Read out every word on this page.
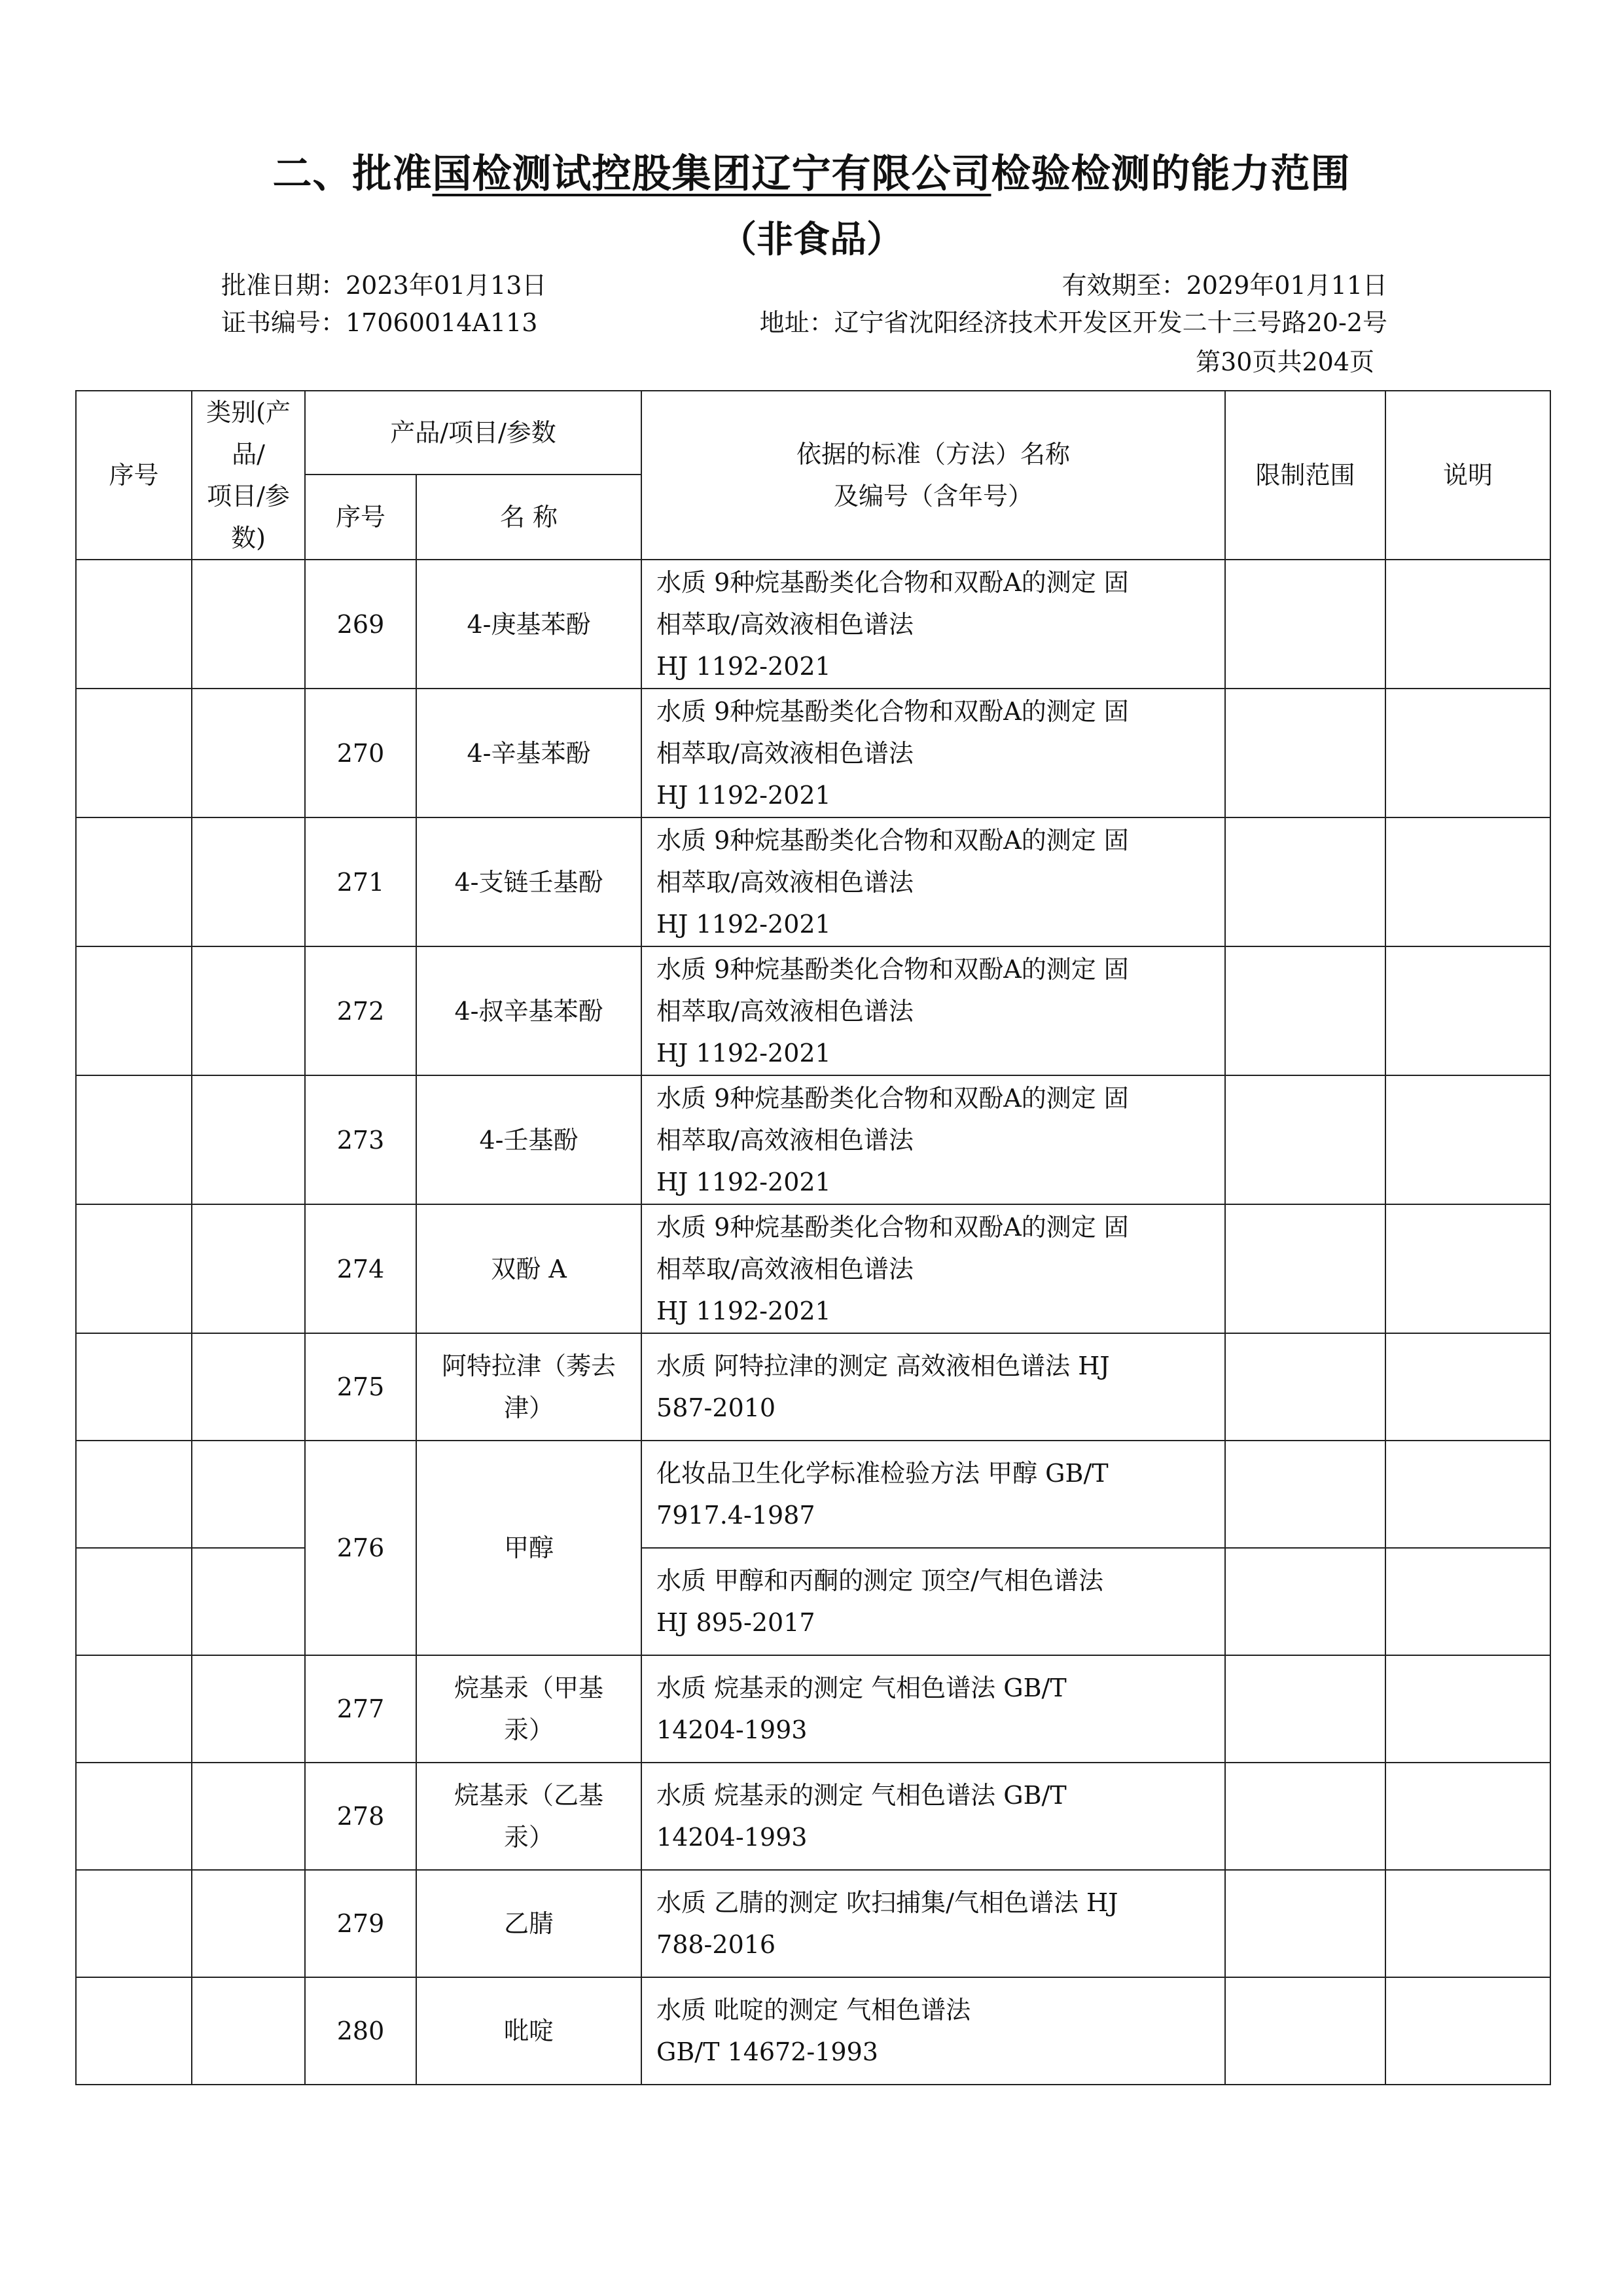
二、批准国检测试控股集团辽宁有限公司检验检测的能力范围
（非食品）
批准日期：2023年01月13日	有效期至：2029年01月11日
证书编号：17060014A113	地址：辽宁省沈阳经济技术开发区开发二十三号路20-2号
第30页共204页
序号	类别(产品/
项目/参数)	产品/项目/参数		依据的标准（方法）名称
及编号（含年号）	限制范围	说明
		序号	名 称			
		269	4-庚基苯酚	水质 9种烷基酚类化合物和双酚A的测定 固
相萃取/高效液相色谱法
HJ 1192-2021		
		270	4-辛基苯酚	水质 9种烷基酚类化合物和双酚A的测定 固
相萃取/高效液相色谱法
HJ 1192-2021		
		271	4-支链壬基酚	水质 9种烷基酚类化合物和双酚A的测定 固
相萃取/高效液相色谱法
HJ 1192-2021		
		272	4-叔辛基苯酚	水质 9种烷基酚类化合物和双酚A的测定 固
相萃取/高效液相色谱法
HJ 1192-2021		
		273	4-壬基酚	水质 9种烷基酚类化合物和双酚A的测定 固
相萃取/高效液相色谱法
HJ 1192-2021		
		274	双酚 A	水质 9种烷基酚类化合物和双酚A的测定 固
相萃取/高效液相色谱法
HJ 1192-2021		
		275	阿特拉津（莠去
津）	水质 阿特拉津的测定 高效液相色谱法 HJ
587-2010		
		276	甲醇	化妆品卫生化学标准检验方法 甲醇 GB/T
7917.4-1987		
				水质 甲醇和丙酮的测定 顶空/气相色谱法
HJ 895-2017		
		277	烷基汞（甲基
汞）	水质 烷基汞的测定 气相色谱法 GB/T
14204-1993		
		278	烷基汞（乙基
汞）	水质 烷基汞的测定 气相色谱法 GB/T
14204-1993		
		279	乙腈	水质 乙腈的测定 吹扫捕集/气相色谱法 HJ
788-2016		
		280	吡啶	水质 吡啶的测定 气相色谱法
GB/T 14672-1993		
